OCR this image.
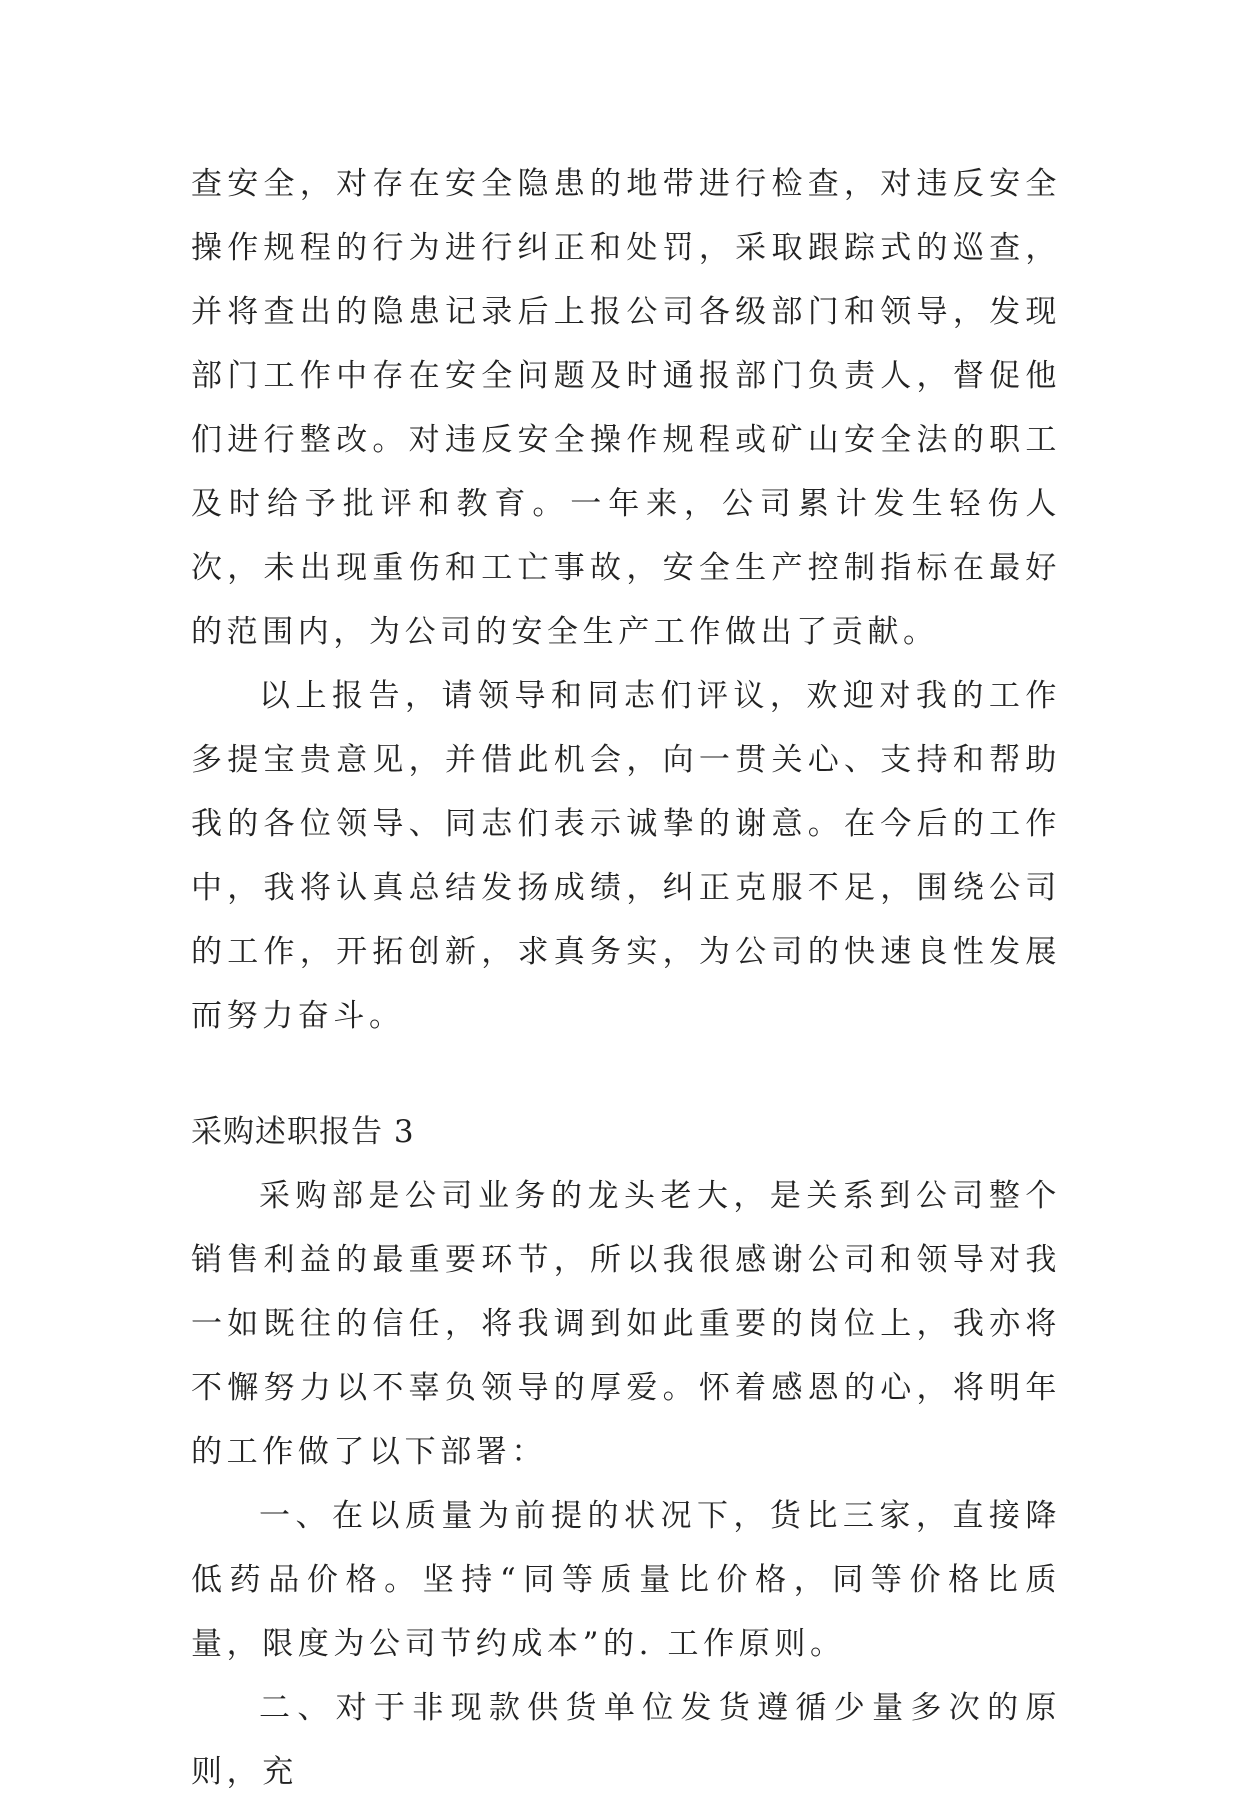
查安全，对存在安全隐患的地带进行检查，对违反安全操作规程的行为进行纠正和处罚，采取跟踪式的巡查，并将查出的隐患记录后上报公司各级部门和领导，发现部门工作中存在安全问题及时通报部门负责人，督促他们进行整改。对违反安全操作规程或矿山安全法的职工及时给予批评和教育。一年来，公司累计发生轻伤人次，未出现重伤和工亡事故，安全生产控制指标在最好的范围内，为公司的安全生产工作做出了贡献。

以上报告，请领导和同志们评议，欢迎对我的工作多提宝贵意见，并借此机会，向一贯关心、支持和帮助我的各位领导、同志们表示诚挚的谢意。在今后的工作中，我将认真总结发扬成绩，纠正克服不足，围绕公司的工作，开拓创新，求真务实，为公司的快速良性发展而努力奋斗。

采购述职报告 3

采购部是公司业务的龙头老大，是关系到公司整个销售利益的最重要环节，所以我很感谢公司和领导对我一如既往的信任，将我调到如此重要的岗位上，我亦将不懈努力以不辜负领导的厚爱。怀着感恩的心，将明年的工作做了以下部署：

一、在以质量为前提的状况下，货比三家，直接降低药品价格。坚持“同等质量比价格，同等价格比质量，限度为公司节约成本”的. 工作原则。

二、对于非现款供货单位发货遵循少量多次的原则，充
